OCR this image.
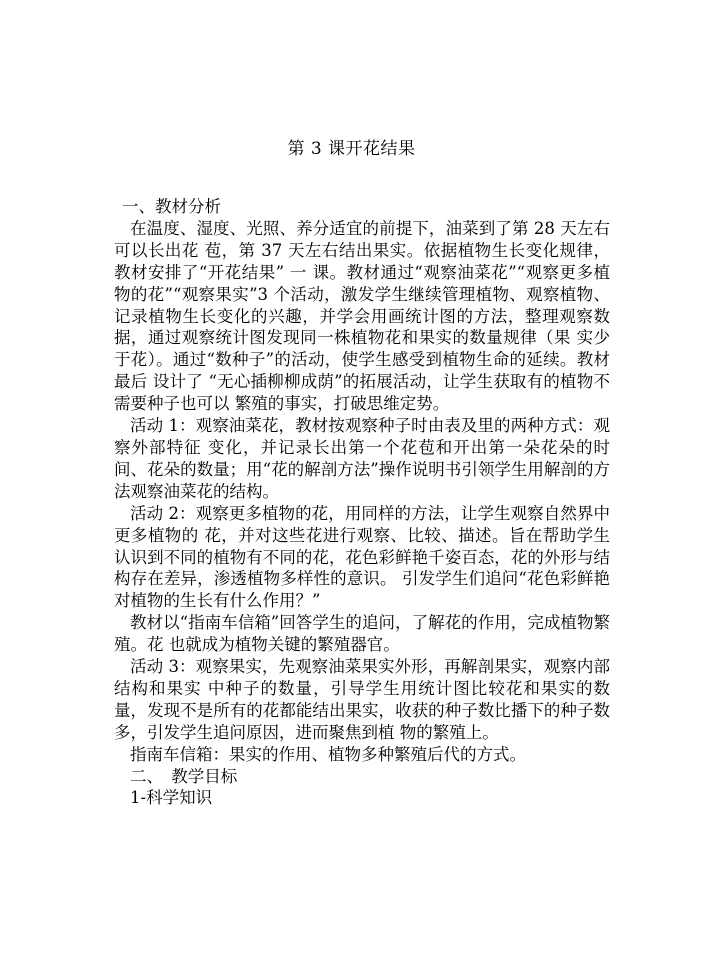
第 3 课开花结果

一、教材分析

在温度、湿度、光照、养分适宜的前提下，油菜到了第 28 天左右可以长出花 苞，第 37 天左右结出果实。依据植物生长变化规律，教材安排了“开花结果” 一 课。教材通过“观察油菜花”“观察更多植物的花”“观察果实”3 个活动，激发学生继续管理植物、观察植物、记录植物生长变化的兴趣，并学会用画统计图的方法，整理观察数据，通过观察统计图发现同一株植物花和果实的数量规律（果 实少于花）。通过“数种子”的活动，使学生感受到植物生命的延续。教材最后 设计了 “无心插柳柳成荫”的拓展活动，让学生获取有的植物不需要种子也可以 繁殖的事实，打破思维定势。

活动 1：观察油菜花，教材按观察种子时由表及里的两种方式：观察外部特征 变化，并记录长出第一个花苞和开出第一朵花朵的时间、花朵的数量；用“花的解剖方法”操作说明书引领学生用解剖的方法观察油菜花的结构。

活动 2：观察更多植物的花，用同样的方法，让学生观察自然界中更多植物的 花，并对这些花进行观察、比较、描述。旨在帮助学生认识到不同的植物有不同的花，花色彩鲜艳千姿百态，花的外形与结构存在差异，渗透植物多样性的意识。 引发学生们追问“花色彩鲜艳对植物的生长有什么作用？”

教材以“指南车信箱”回答学生的追问，了解花的作用，完成植物繁殖。花 也就成为植物关键的繁殖器官。

活动 3：观察果实，先观察油菜果实外形，再解剖果实，观察内部结构和果实 中种子的数量，引导学生用统计图比较花和果实的数量，发现不是所有的花都能结出果实，收获的种子数比播下的种子数多，引发学生追问原因，进而聚焦到植 物的繁殖上。

指南车信箱：果实的作用、植物多种繁殖后代的方式。

二、　教学目标

1-科学知识
